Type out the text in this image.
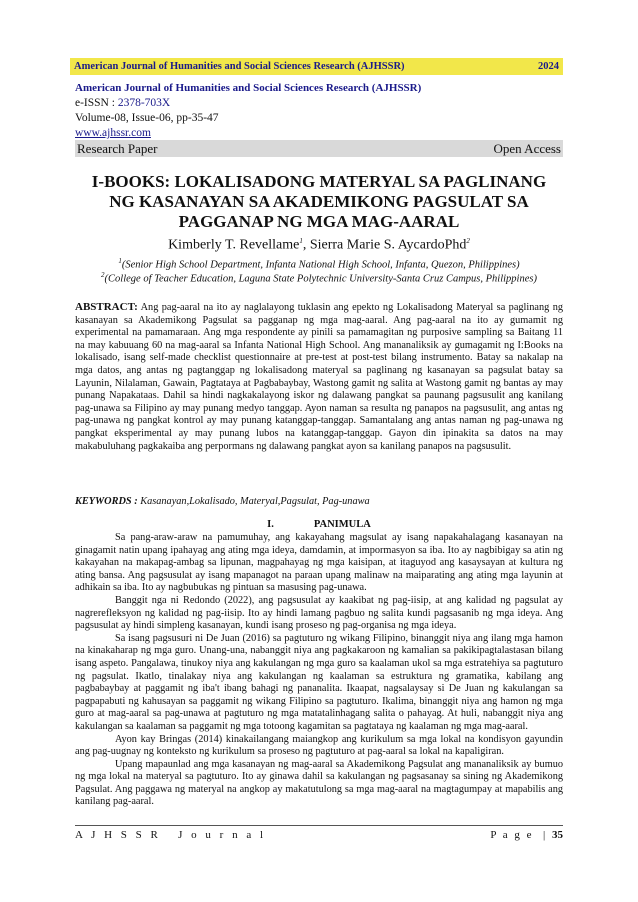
American Journal of Humanities and Social Sciences Research (AJHSSR)	2024
American Journal of Humanities and Social Sciences Research (AJHSSR)
e-ISSN : 2378-703X
Volume-08, Issue-06, pp-35-47
www.ajhssr.com
Research Paper	Open Access
I-BOOKS: LOKALISADONG MATERYAL SA PAGLINANG NG KASANAYAN SA AKADEMIKONG PAGSULAT SA PAGGANAP NG MGA MAG-AARAL
Kimberly T. Revellame$^1$, Sierra Marie S. AycardoPhd$^2$
$^1$(Senior High School Department, Infanta National High School, Infanta, Quezon, Philippines)
$^2$(College of Teacher Education, Laguna State Polytechnic University-Santa Cruz Campus, Philippines)
ABSTRACT: Ang pag-aaral na ito ay naglalayong tuklasin ang epekto ng Lokalisadong Materyal sa paglinang ng kasanayan sa Akademikong Pagsulat sa pagganap ng mga mag-aaral. Ang pag-aaral na ito ay gumamit ng experimental na pamamaraan. Ang mga respondente ay pinili sa pamamagitan ng purposive sampling sa Baitang 11 na may kabuuang 60 na mag-aaral sa Infanta National High School. Ang mananaliksik ay gumagamit ng I:Books na lokalisado, isang self-made checklist questionnaire at pre-test at post-test bilang instrumento. Batay sa nakalap na mga datos, ang antas ng pagtanggap ng lokalisadong materyal sa paglinang ng kasanayan sa pagsulat batay sa Layunin, Nilalaman, Gawain, Pagtataya at Pagbabaybay, Wastong gamit ng salita at Wastong gamit ng bantas ay may punang Napakataas. Dahil sa hindi nagkakalayong iskor ng dalawang pangkat sa paunang pagsusulit ang kanilang pag-unawa sa Filipino ay may punang medyo tanggap. Ayon naman sa resulta ng panapos na pagsusulit, ang antas ng pag-unawa ng pangkat kontrol ay may punang katanggap-tanggap. Samantalang ang antas naman ng pag-unawa ng pangkat eksperimental ay may punang lubos na katanggap-tanggap. Gayon din ipinakita sa datos na may makabuluhang pagkakaiba ang perpormans ng dalawang pangkat ayon sa kanilang panapos na pagsusulit.
KEYWORDS : Kasanayan,Lokalisado, Materyal,Pagsulat, Pag-unawa
I.	PANIMULA

Sa pang-araw-araw na pamumuhay, ang kakayahang magsulat ay isang napakahalagang kasanayan na ginagamit natin upang ipahayag ang ating mga ideya, damdamin, at impormasyon sa iba. Ito ay nagbibigay sa atin ng kakayahan na makapag-ambag sa lipunan, magpahayag ng mga kaisipan, at itaguyod ang kasaysayan at kultura ng ating bansa. Ang pagsusulat ay isang mapanagot na paraan upang malinaw na maiparating ang ating mga layunin at adhikain sa iba. Ito ay nagbubukas ng pintuan sa masusing pag-unawa.

Banggit nga ni Redondo (2022), ang pagsusulat ay kaakibat ng pag-iisip, at ang kalidad ng pagsulat ay nagrerefleksyon ng kalidad ng pag-iisip. Ito ay hindi lamang pagbuo ng salita kundi pagsasanib ng mga ideya. Ang pagsusulat ay hindi simpleng kasanayan, kundi isang proseso ng pag-organisa ng mga ideya.

Sa isang pagsusuri ni De Juan (2016) sa pagtuturo ng wikang Filipino, binanggit niya ang ilang mga hamon na kinakaharap ng mga guro. Unang-una, nabanggit niya ang pagkakaroon ng kamalian sa pakikipagtalastasan bilang isang aspeto. Pangalawa, tinukoy niya ang kakulangan ng mga guro sa kaalaman ukol sa mga estratehiya sa pagtuturo ng pagsulat. Ikatlo, tinalakay niya ang kakulangan ng kaalaman sa estruktura ng gramatika, kabilang ang pagbabaybay at paggamit ng iba't ibang bahagi ng pananalita. Ikaapat, nagsalaysay si De Juan ng kakulangan sa pagpapabuti ng kahusayan sa paggamit ng wikang Filipino sa pagtuturo. Ikalima, binanggit niya ang hamon ng mga guro at mag-aaral sa pag-unawa at pagtuturo ng mga matatalinhagang salita o pahayag. At huli, nabanggit niya ang kakulangan sa kaalaman sa paggamit ng mga totoong kagamitan sa pagtataya ng kaalaman ng mga mag-aaral.

Ayon kay Bringas (2014) kinakailangang maiangkop ang kurikulum sa mga lokal na kondisyon gayundin ang pag-uugnay ng konteksto ng kurikulum sa proseso ng pagtuturo at pag-aaral sa lokal na kapaligiran.

Upang mapaunlad ang mga kasanayan ng mag-aaral sa Akademikong Pagsulat ang mananaliksik ay bumuo ng mga lokal na materyal sa pagtuturo. Ito ay ginawa dahil sa kakulangan ng pagsasanay sa sining ng Akademikong Pagsulat. Ang paggawa ng materyal na angkop ay makatutulong sa mga mag-aaral na magtagumpay at mapabilis ang kanilang pag-aaral.

A J H S S R   J o u r n a l	P a g e  | 35
